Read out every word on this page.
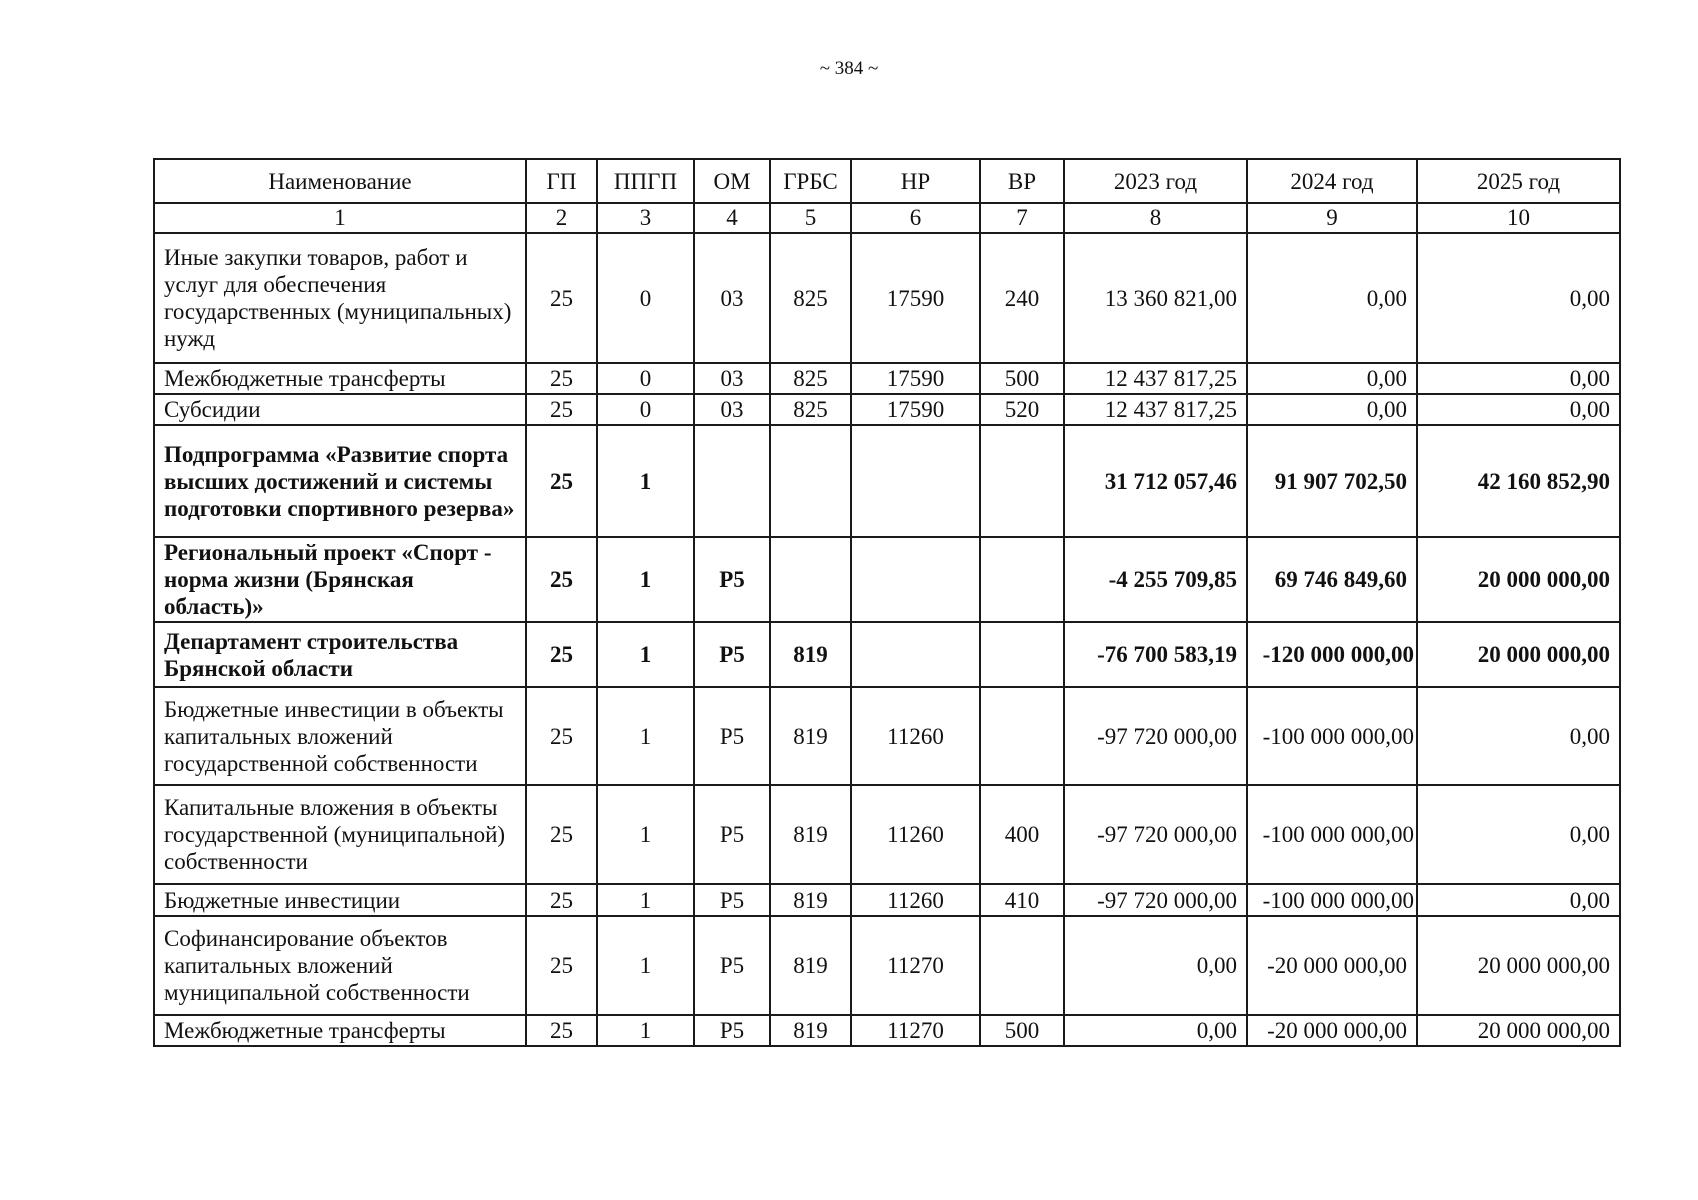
~ 384 ~
Наименование	ГП	ППГП	ОМ	ГРБС	НР	ВР	2023 год	2024 год	2025 год
1	2	3	4	5	6	7	8	9	10
Иные закупки товаров, работ и услуг для обеспечения государственных (муниципальных) нужд	25	0	03	825	17590	240	13 360 821,00	0,00	0,00
Межбюджетные трансферты	25	0	03	825	17590	500	12 437 817,25	0,00	0,00
Субсидии	25	0	03	825	17590	520	12 437 817,25	0,00	0,00
Подпрограмма «Развитие спорта высших достижений и системы подготовки спортивного резерва»	25	1					31 712 057,46	91 907 702,50	42 160 852,90
Региональный проект «Спорт - норма жизни (Брянская область)»	25	1	P5				-4 255 709,85	69 746 849,60	20 000 000,00
Департамент строительства Брянской области	25	1	P5	819			-76 700 583,19	-120 000 000,00	20 000 000,00
Бюджетные инвестиции в объекты капитальных вложений государственной собственности	25	1	P5	819	11260		-97 720 000,00	-100 000 000,00	0,00
Капитальные вложения в объекты государственной (муниципальной) собственности	25	1	P5	819	11260	400	-97 720 000,00	-100 000 000,00	0,00
Бюджетные инвестиции	25	1	P5	819	11260	410	-97 720 000,00	-100 000 000,00	0,00
Софинансирование объектов капитальных вложений муниципальной собственности	25	1	P5	819	11270		0,00	-20 000 000,00	20 000 000,00
Межбюджетные трансферты	25	1	P5	819	11270	500	0,00	-20 000 000,00	20 000 000,00
